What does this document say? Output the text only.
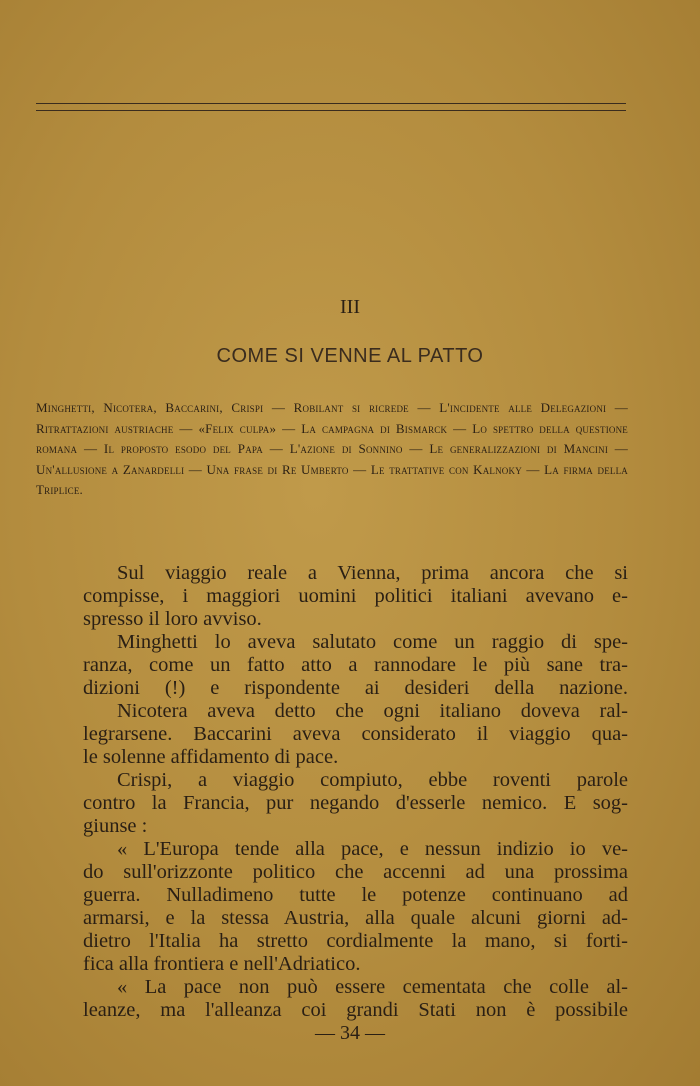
III
COME SI VENNE AL PATTO
Minghetti, Nicotera, Baccarini, Crispi — Robilant si ricrede — L'incidente alle Delegazioni — Ritrattazioni austriache — «Felix culpa» — La campagna di Bismarck — Lo spettro della questione romana — Il proposto esodo del Papa — L'azione di Sonnino — Le generalizzazioni di Mancini — Un'allusione a Zanardelli — Una frase di Re Umberto — Le trattative con Kalnoky — La firma della Triplice.
Sul viaggio reale a Vienna, prima ancora che si
compisse, i maggiori uomini politici italiani avevano e-
spresso il loro avviso.
Minghetti lo aveva salutato come un raggio di spe-
ranza, come un fatto atto a rannodare le più sane tra-
dizioni (!) e rispondente ai desideri della nazione.
Nicotera aveva detto che ogni italiano doveva ral-
legrarsene. Baccarini aveva considerato il viaggio qua-
le solenne affidamento di pace.
Crispi, a viaggio compiuto, ebbe roventi parole
contro la Francia, pur negando d'esserle nemico. E sog-
giunse :
« L'Europa tende alla pace, e nessun indizio io ve-
do sull'orizzonte politico che accenni ad una prossima
guerra. Nulladimeno tutte le potenze continuano ad
armarsi, e la stessa Austria, alla quale alcuni giorni ad-
dietro l'Italia ha stretto cordialmente la mano, si forti-
fica alla frontiera e nell'Adriatico.
« La pace non può essere cementata che colle al-
leanze, ma l'alleanza coi grandi Stati non è possibile
— 34 —
